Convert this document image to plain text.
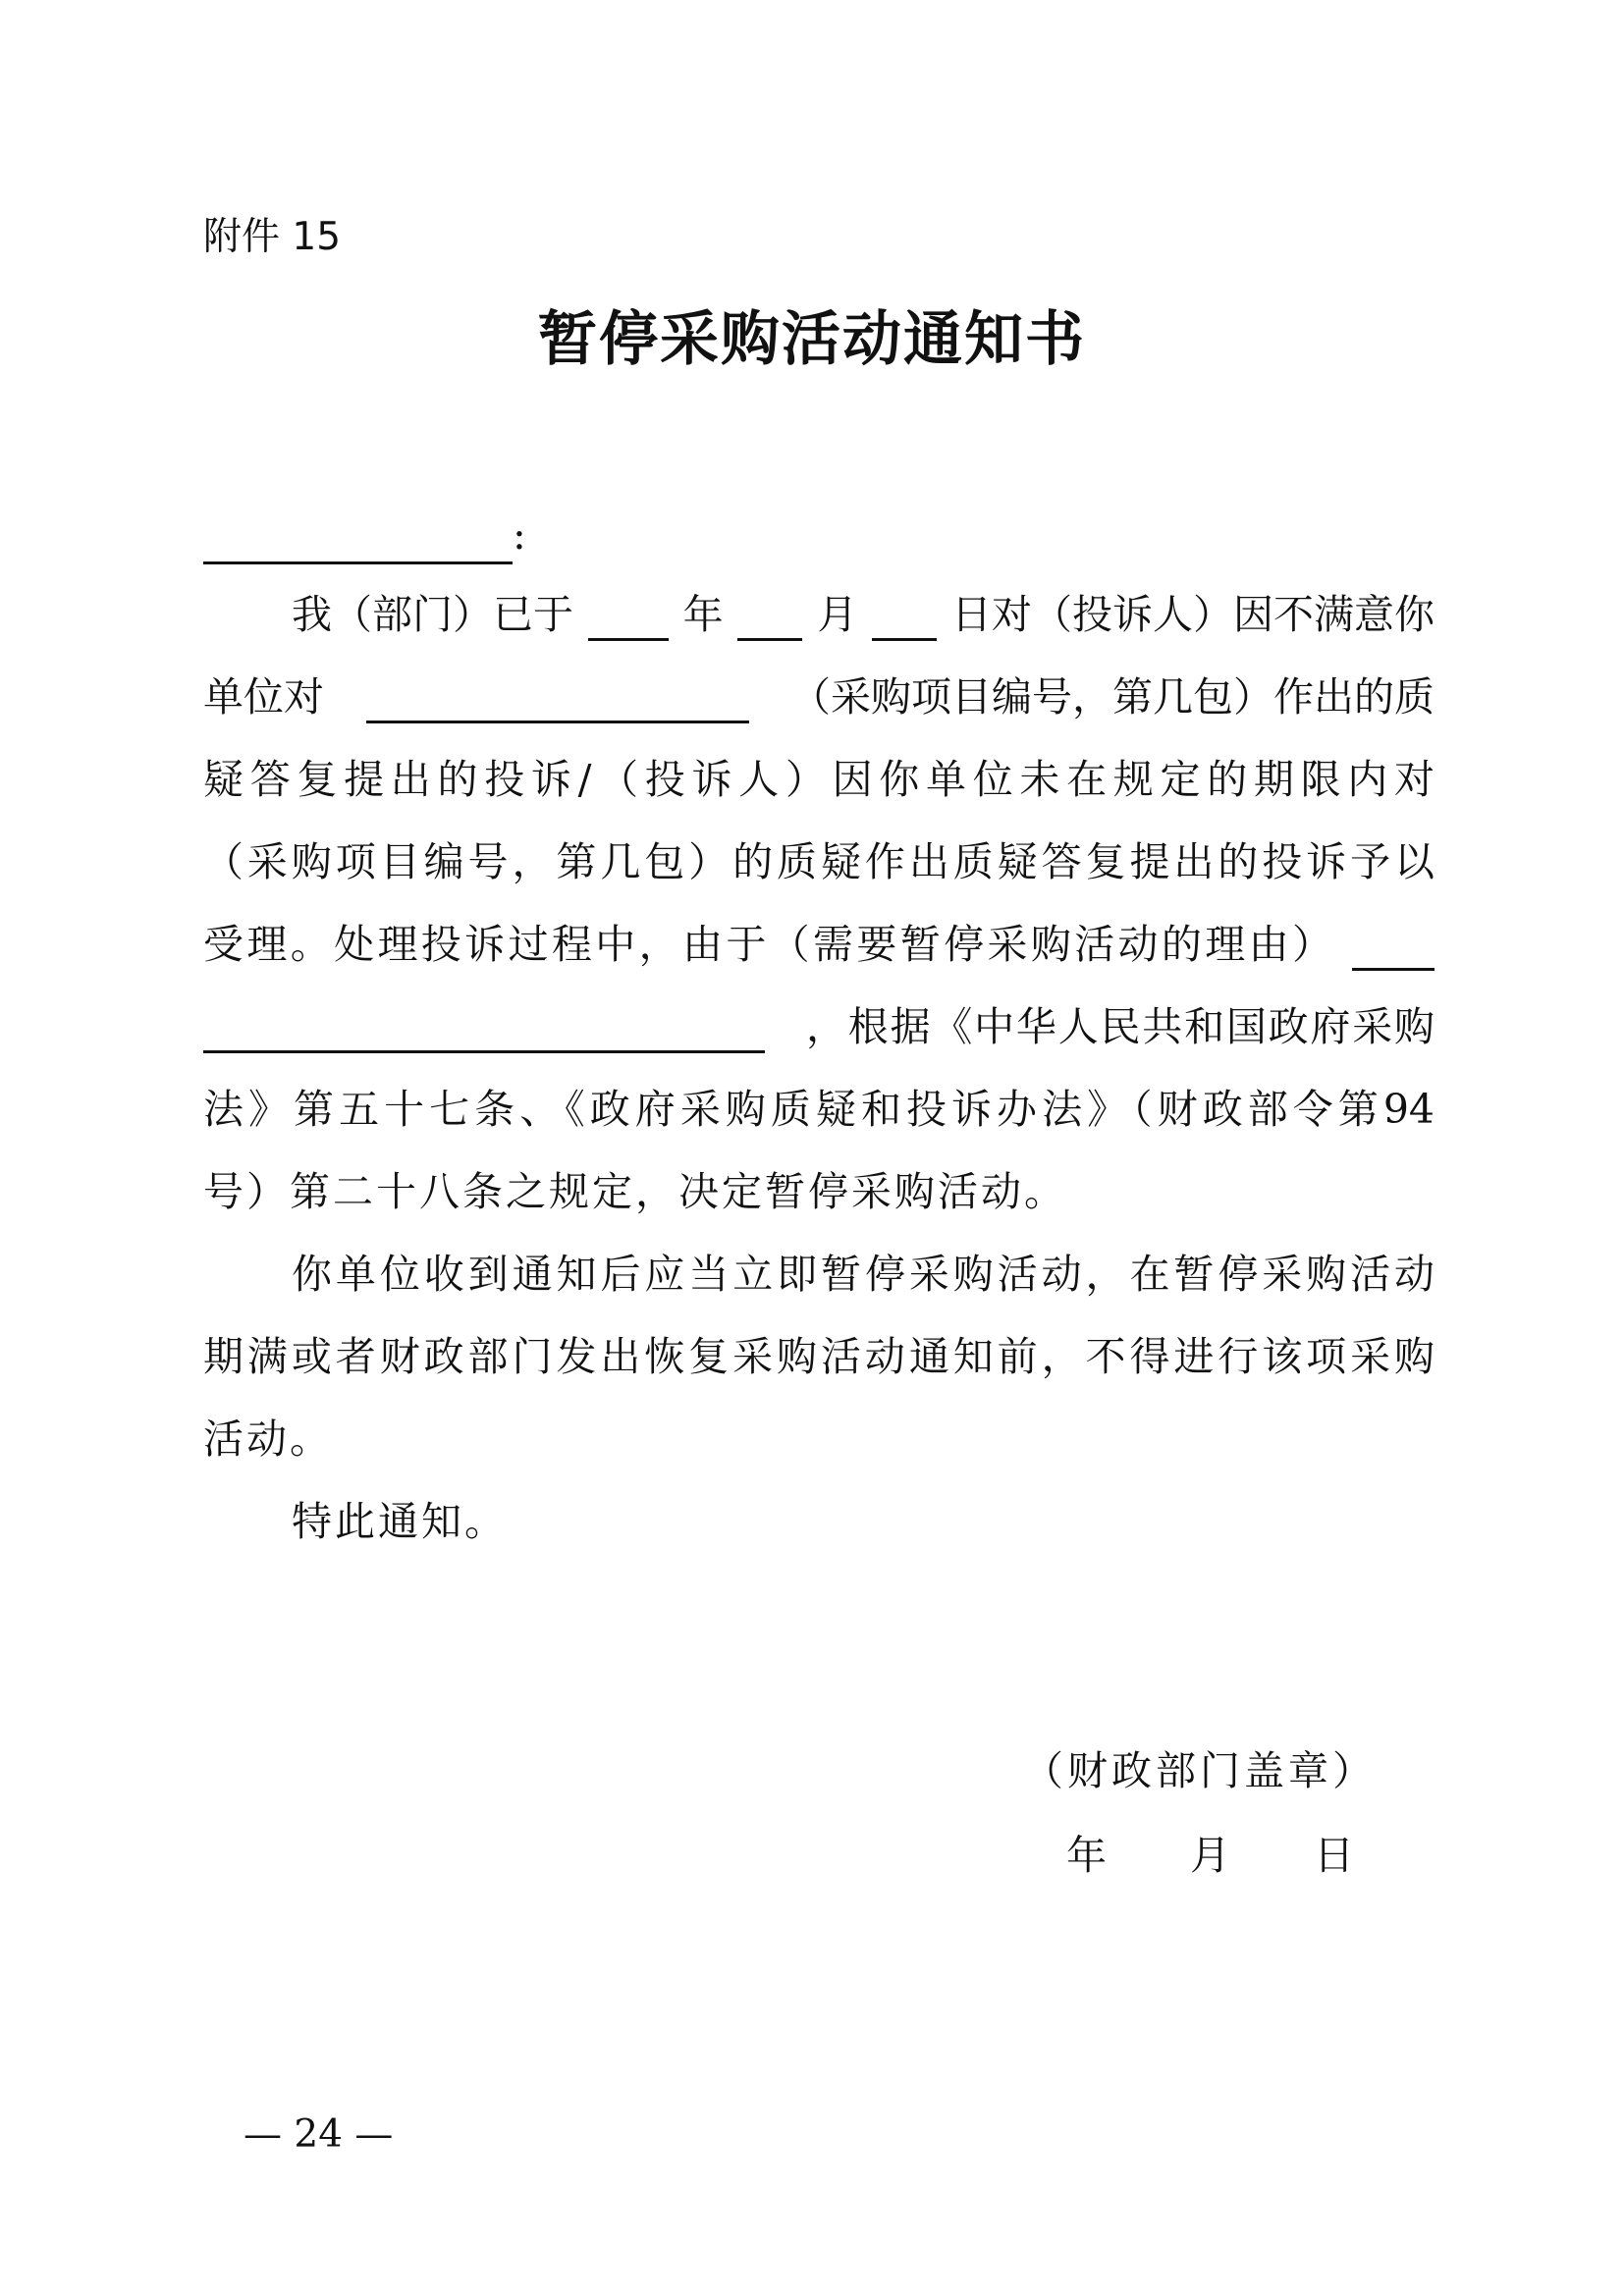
附件 15
暂停采购活动通知书
:
我（部门）已于	年 月 日对（投诉人）因不满意你
单位对	（采购项目编号，第几包）作出的质
疑答复提出的投诉/（投诉人）因你单位未在规定的期限内对
（采购项目编号，第几包）的质疑作出质疑答复提出的投诉予以
受理。处理投诉过程中，由于（需要暂停采购活动的理由）
，根据《中华人民共和国政府采购
法》第五十七条、《政府采购质疑和投诉办法》（财政部令第94
号）第二十八条之规定，决定暂停采购活动。
你单位收到通知后应当立即暂停采购活动，在暂停采购活动
期满或者财政部门发出恢复采购活动通知前，不得进行该项采购
活动。
特此通知。
（财政部门盖章）
年 月 日
— 24 —
